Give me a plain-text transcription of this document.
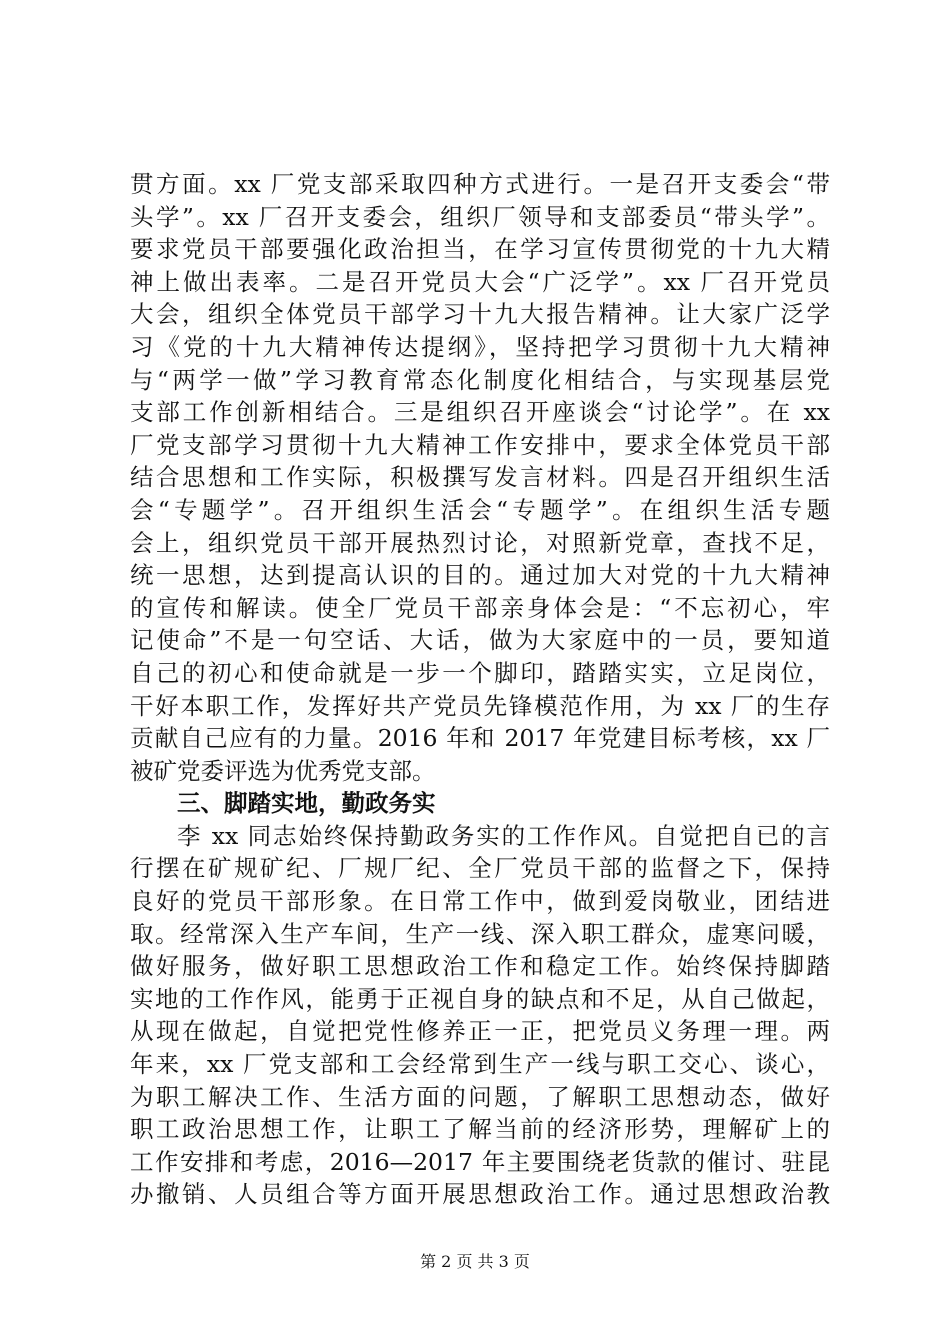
贯方面。xx 厂党支部采取四种方式进行。一是召开支委会“带
头学”。xx 厂召开支委会，组织厂领导和支部委员“带头学”。
要求党员干部要强化政治担当，在学习宣传贯彻党的十九大精
神上做出表率。二是召开党员大会“广泛学”。xx 厂召开党员
大会，组织全体党员干部学习十九大报告精神。让大家广泛学
习《党的十九大精神传达提纲》，坚持把学习贯彻十九大精神
与“两学一做”学习教育常态化制度化相结合，与实现基层党
支部工作创新相结合。三是组织召开座谈会“讨论学”。在 xx
厂党支部学习贯彻十九大精神工作安排中，要求全体党员干部
结合思想和工作实际，积极撰写发言材料。四是召开组织生活
会“专题学”。召开组织生活会“专题学”。在组织生活专题
会上，组织党员干部开展热烈讨论，对照新党章，查找不足，
统一思想，达到提高认识的目的。通过加大对党的十九大精神
的宣传和解读。使全厂党员干部亲身体会是：“不忘初心，牢
记使命”不是一句空话、大话，做为大家庭中的一员，要知道
自己的初心和使命就是一步一个脚印，踏踏实实，立足岗位，
干好本职工作，发挥好共产党员先锋模范作用，为 xx 厂的生存
贡献自己应有的力量。2016 年和 2017 年党建目标考核，xx 厂
被矿党委评选为优秀党支部。
三、脚踏实地，勤政务实
李 xx 同志始终保持勤政务实的工作作风。自觉把自已的言
行摆在矿规矿纪、厂规厂纪、全厂党员干部的监督之下，保持
良好的党员干部形象。在日常工作中，做到爱岗敬业，团结进
取。经常深入生产车间，生产一线、深入职工群众，虚寒问暖，
做好服务，做好职工思想政治工作和稳定工作。始终保持脚踏
实地的工作作风，能勇于正视自身的缺点和不足，从自己做起，
从现在做起，自觉把党性修养正一正，把党员义务理一理。两
年来，xx 厂党支部和工会经常到生产一线与职工交心、谈心，
为职工解决工作、生活方面的问题，了解职工思想动态，做好
职工政治思想工作，让职工了解当前的经济形势，理解矿上的
工作安排和考虑，2016—2017 年主要围绕老货款的催讨、驻昆
办撤销、人员组合等方面开展思想政治工作。通过思想政治教
第 2 页 共 3 页
